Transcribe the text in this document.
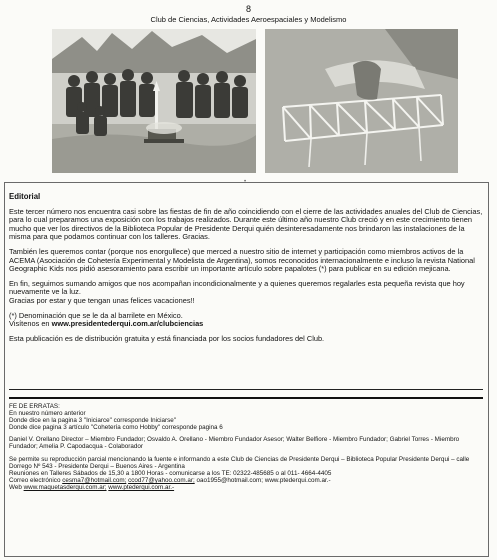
8
Club de Ciencias, Actividades Aeroespaciales y Modelismo
•

Editorial

Este tercer número nos encuentra casi sobre las fiestas de fin de año coincidiendo con el cierre de las actividades anuales del Club de Ciencias, para lo cual preparamos una exposición con los trabajos realizados. Durante este último año nuestro Club creció y en este crecimiento tienen mucho que ver los directivos de la Biblioteca Popular de Presidente Derqui quién desinteresadamente nos brindaron las instalaciones de la misma para que podamos continuar con los talleres. Gracias.

También les queremos contar (porque nos enorgullece) que merced a nuestro sitio de internet y participación como miembros activos de la ACEMA (Asociación de Cohetería Experimental y Modelista de Argentina), somos reconocidos internacionalmente e incluso la revista National Geographic Kids nos pidió asesoramiento para escribir un importante artículo sobre papalotes (*) para publicar en su edición mejicana.

En fin, seguimos sumando amigos que nos acompañan incondicionalmente y a quienes queremos regalarles esta pequeña revista que hoy nuevamente ve la luz.

Gracias por estar y que tengan unas felices vacaciones!!

(*) Denominación que se le da al barrilete en México.

Visítenos en www.presidentederqui.com.ar/clubciencias

Esta publicación es de distribución gratuita y está financiada por los socios fundadores del Club.

FE DE ERRATAS:
En nuestro número anterior
Donde dice en la pagina 3 "Iniciarce" corresponde Iniciarse"
Donde dice pagina 3 artículo "Cohetería como Hobby" corresponde pagina 6

Daniel V. Orellano Director – Miembro Fundador; Osvaldo A. Orellano - Miembro Fundador Asesor; Walter Belfiore - Miembro Fundador; Gabriel Torres - Miembro Fundador; Amelia P. Capodacqua - Colaborador

Se permite su reproducción parcial mencionando la fuente e informando a este Club de Ciencias de Presidente Derqui – Biblioteca Popular Presidente Derqui – calle Dorrego Nº 543 - Presidente Derqui – Buenos Aires - Argentina
Reuniones en Talleres Sábados de 15,30 a 1800 Horas - comunicarse a los TE: 02322-485685 o al 011- 4664-4405
Correo electrónico cesma7@hotmail.com; ccod77@yahoo.com.ar; oao1955@hotmail.com; www.ptederqui.com.ar.-
Web www.maquetasderqui.com.ar; www.ptederqui.com.ar.-
